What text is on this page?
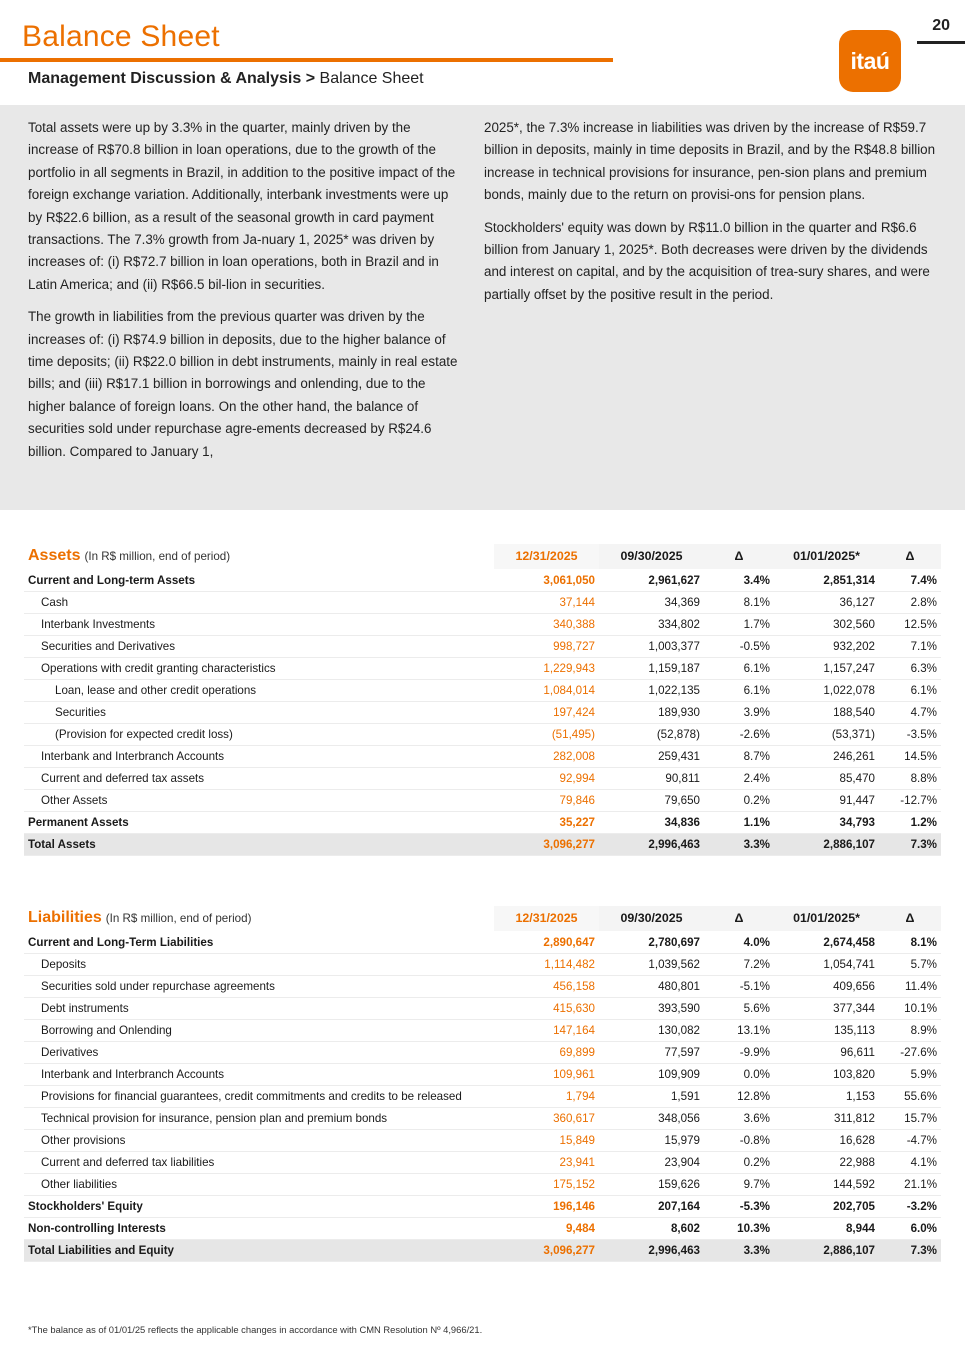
Balance Sheet	20
itaú
Management Discussion & Analysis > Balance Sheet

Total assets were up by 3.3% in the quarter, mainly driven by the increase of R$70.8 billion in loan operations, due to the growth of the portfolio in all segments in Brazil, in addition to the positive impact of the foreign exchange variation. Additionally, interbank investments were up by R$22.6 billion, as a result of the seasonal growth in card payment transactions. The 7.3% growth from Ja-nuary 1, 2025* was driven by increases of: (i) R$72.7 billion in loan operations, both in Brazil and in Latin America; and (ii) R$66.5 bil-lion in securities.

The growth in liabilities from the previous quarter was driven by the increases of: (i) R$74.9 billion in deposits, due to the higher balance of time deposits; (ii) R$22.0 billion in debt instruments, mainly in real estate bills; and (iii) R$17.1 billion in borrowings and onlending, due to the higher balance of foreign loans. On the other hand, the balance of securities sold under repurchase agre-ements decreased by R$24.6 billion. Compared to January 1,

2025*, the 7.3% increase in liabilities was driven by the increase of R$59.7 billion in deposits, mainly in time deposits in Brazil, and by the R$48.8 billion increase in technical provisions for insurance, pen-sion plans and premium bonds, mainly due to the return on provisi-ons for pension plans.

Stockholders' equity was down by R$11.0 billion in the quarter and R$6.6 billion from January 1, 2025*. Both decreases were driven by the dividends and interest on capital, and by the acquisition of trea-sury shares, and were partially offset by the positive result in the period.

Assets (In R$ million, end of period)	12/31/2025	09/30/2025	Δ	01/01/2025*	Δ
Current and Long-term Assets	3,061,050	2,961,627	3.4%	2,851,314	7.4%
Cash	37,144	34,369	8.1%	36,127	2.8%
Interbank Investments	340,388	334,802	1.7%	302,560	12.5%
Securities and Derivatives	998,727	1,003,377	-0.5%	932,202	7.1%
Operations with credit granting characteristics	1,229,943	1,159,187	6.1%	1,157,247	6.3%
Loan, lease and other credit operations	1,084,014	1,022,135	6.1%	1,022,078	6.1%
Securities	197,424	189,930	3.9%	188,540	4.7%
(Provision for expected credit loss)	(51,495)	(52,878)	-2.6%	(53,371)	-3.5%
Interbank and Interbranch Accounts	282,008	259,431	8.7%	246,261	14.5%
Current and deferred tax assets	92,994	90,811	2.4%	85,470	8.8%
Other Assets	79,846	79,650	0.2%	91,447	-12.7%
Permanent Assets	35,227	34,836	1.1%	34,793	1.2%
Total Assets	3,096,277	2,996,463	3.3%	2,886,107	7.3%
Liabilities (In R$ million, end of period)	12/31/2025	09/30/2025	Δ	01/01/2025*	Δ
Current and Long-Term Liabilities	2,890,647	2,780,697	4.0%	2,674,458	8.1%
Deposits	1,114,482	1,039,562	7.2%	1,054,741	5.7%
Securities sold under repurchase agreements	456,158	480,801	-5.1%	409,656	11.4%
Debt instruments	415,630	393,590	5.6%	377,344	10.1%
Borrowing and Onlending	147,164	130,082	13.1%	135,113	8.9%
Derivatives	69,899	77,597	-9.9%	96,611	-27.6%
Interbank and Interbranch Accounts	109,961	109,909	0.0%	103,820	5.9%
Provisions for financial guarantees, credit commitments and credits to be released	1,794	1,591	12.8%	1,153	55.6%
Technical provision for insurance, pension plan and premium bonds	360,617	348,056	3.6%	311,812	15.7%
Other provisions	15,849	15,979	-0.8%	16,628	-4.7%
Current and deferred tax liabilities	23,941	23,904	0.2%	22,988	4.1%
Other liabilities	175,152	159,626	9.7%	144,592	21.1%
Stockholders' Equity	196,146	207,164	-5.3%	202,705	-3.2%
Non-controlling Interests	9,484	8,602	10.3%	8,944	6.0%
Total Liabilities and Equity	3,096,277	2,996,463	3.3%	2,886,107	7.3%
*The balance as of 01/01/25 reflects the applicable changes in accordance with CMN Resolution Nº 4,966/21.
